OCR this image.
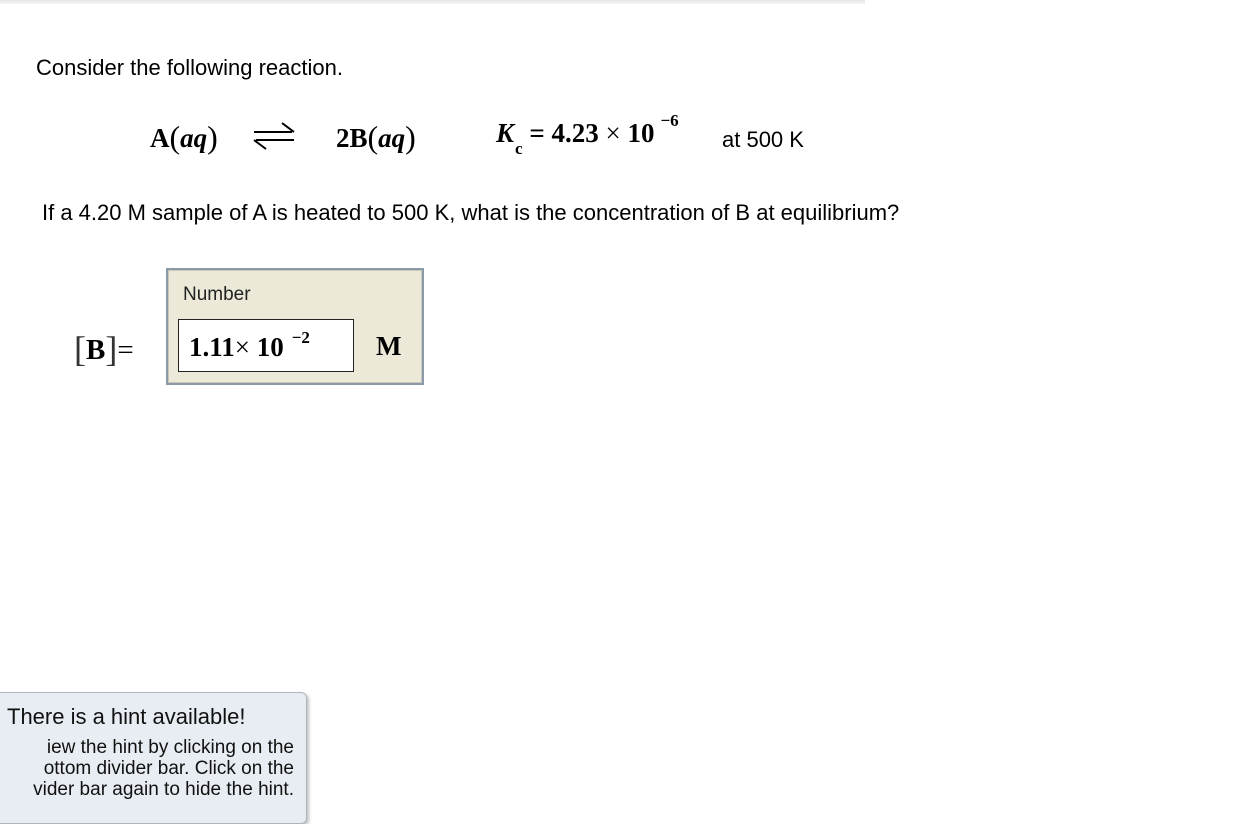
Consider the following reaction.
A(aq)	2B(aq)	$K_c = 4.23 \times 10$ $^{-6}$
at 500 K
If a 4.20 M sample of A is heated to 500 K, what is the concentration of B at equilibrium?
[B]=
Number
1.11× 10 $^{-2}$	M
There is a hint available!
iew the hint by clicking on the
ottom divider bar. Click on the
vider bar again to hide the hint.
